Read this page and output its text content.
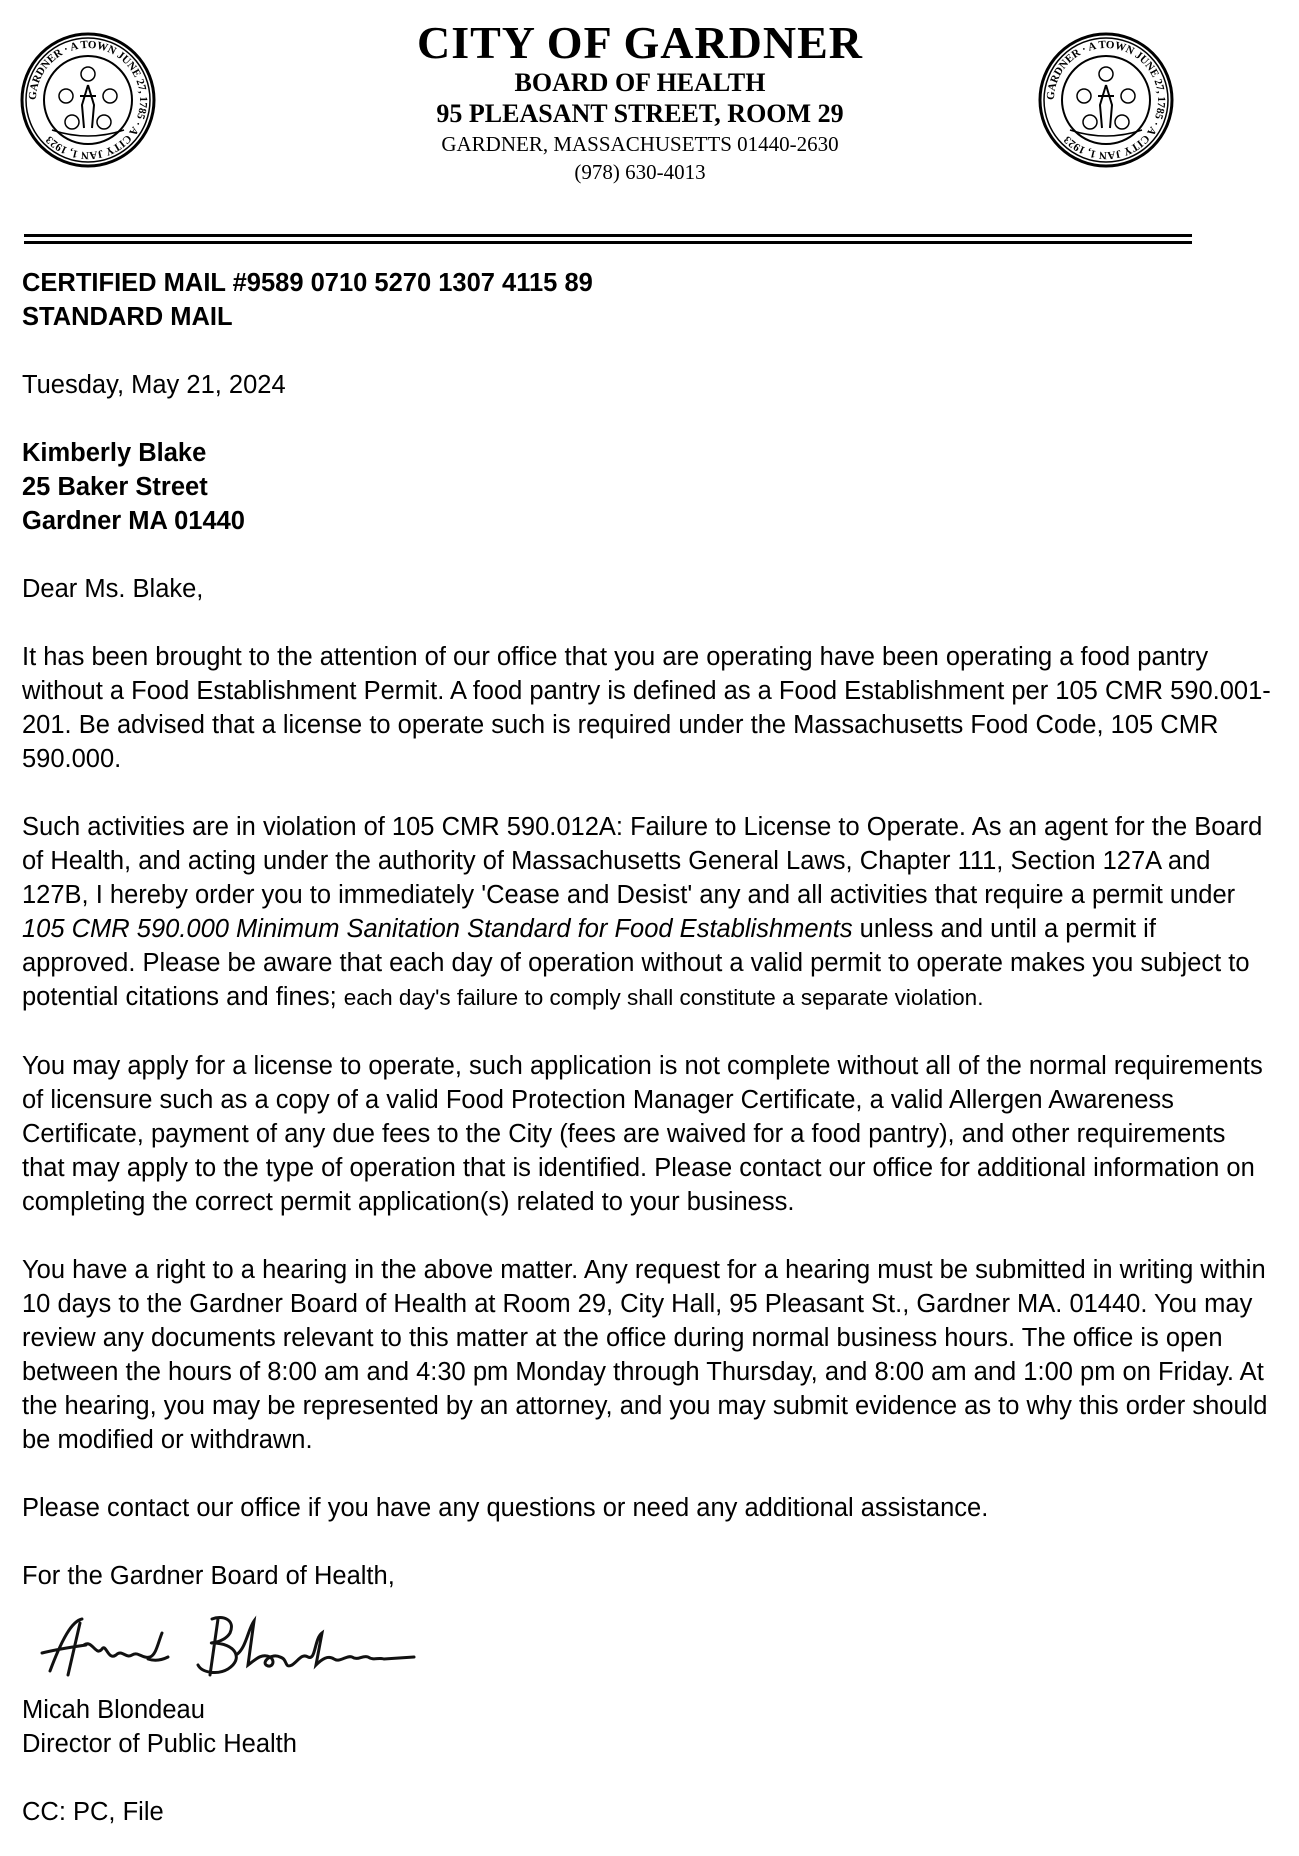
GARDNER · A TOWN JUNE 27, 1785 · A CITY JAN 1, 1923
GARDNER · A TOWN JUNE 27, 1785 · A CITY JAN 1, 1923
CITY OF GARDNER
BOARD OF HEALTH
95 PLEASANT STREET, ROOM 29
GARDNER, MASSACHUSETTS 01440-2630
(978) 630-4013

CERTIFIED MAIL #9589 0710 5270 1307 4115 89

STANDARD MAIL

Tuesday, May 21, 2024

Kimberly Blake

25 Baker Street

Gardner MA 01440

Dear Ms. Blake,

It has been brought to the attention of our office that you are operating have been operating a food pantry without a Food Establishment Permit. A food pantry is defined as a Food Establishment per 105 CMR 590.001-201. Be advised that a license to operate such is required under the Massachusetts Food Code, 105 CMR 590.000.

Such activities are in violation of 105 CMR 590.012A: Failure to License to Operate. As an agent for the Board of Health, and acting under the authority of Massachusetts General Laws, Chapter 111, Section 127A and 127B, I hereby order you to immediately 'Cease and Desist' any and all activities that require a permit under 105 CMR 590.000 Minimum Sanitation Standard for Food Establishments unless and until a permit if approved. Please be aware that each day of operation without a valid permit to operate makes you subject to potential citations and fines; each day's failure to comply shall constitute a separate violation.

You may apply for a license to operate, such application is not complete without all of the normal requirements of licensure such as a copy of a valid Food Protection Manager Certificate, a valid Allergen Awareness Certificate, payment of any due fees to the City (fees are waived for a food pantry), and other requirements that may apply to the type of operation that is identified. Please contact our office for additional information on completing the correct permit application(s) related to your business.

You have a right to a hearing in the above matter. Any request for a hearing must be submitted in writing within 10 days to the Gardner Board of Health at Room 29, City Hall, 95 Pleasant St., Gardner MA. 01440. You may review any documents relevant to this matter at the office during normal business hours. The office is open between the hours of 8:00 am and 4:30 pm Monday through Thursday, and 8:00 am and 1:00 pm on Friday. At the hearing, you may be represented by an attorney, and you may submit evidence as to why this order should be modified or withdrawn.

Please contact our office if you have any questions or need any additional assistance.

For the Gardner Board of Health,

Micah Blondeau

Director of Public Health

CC: PC, File
